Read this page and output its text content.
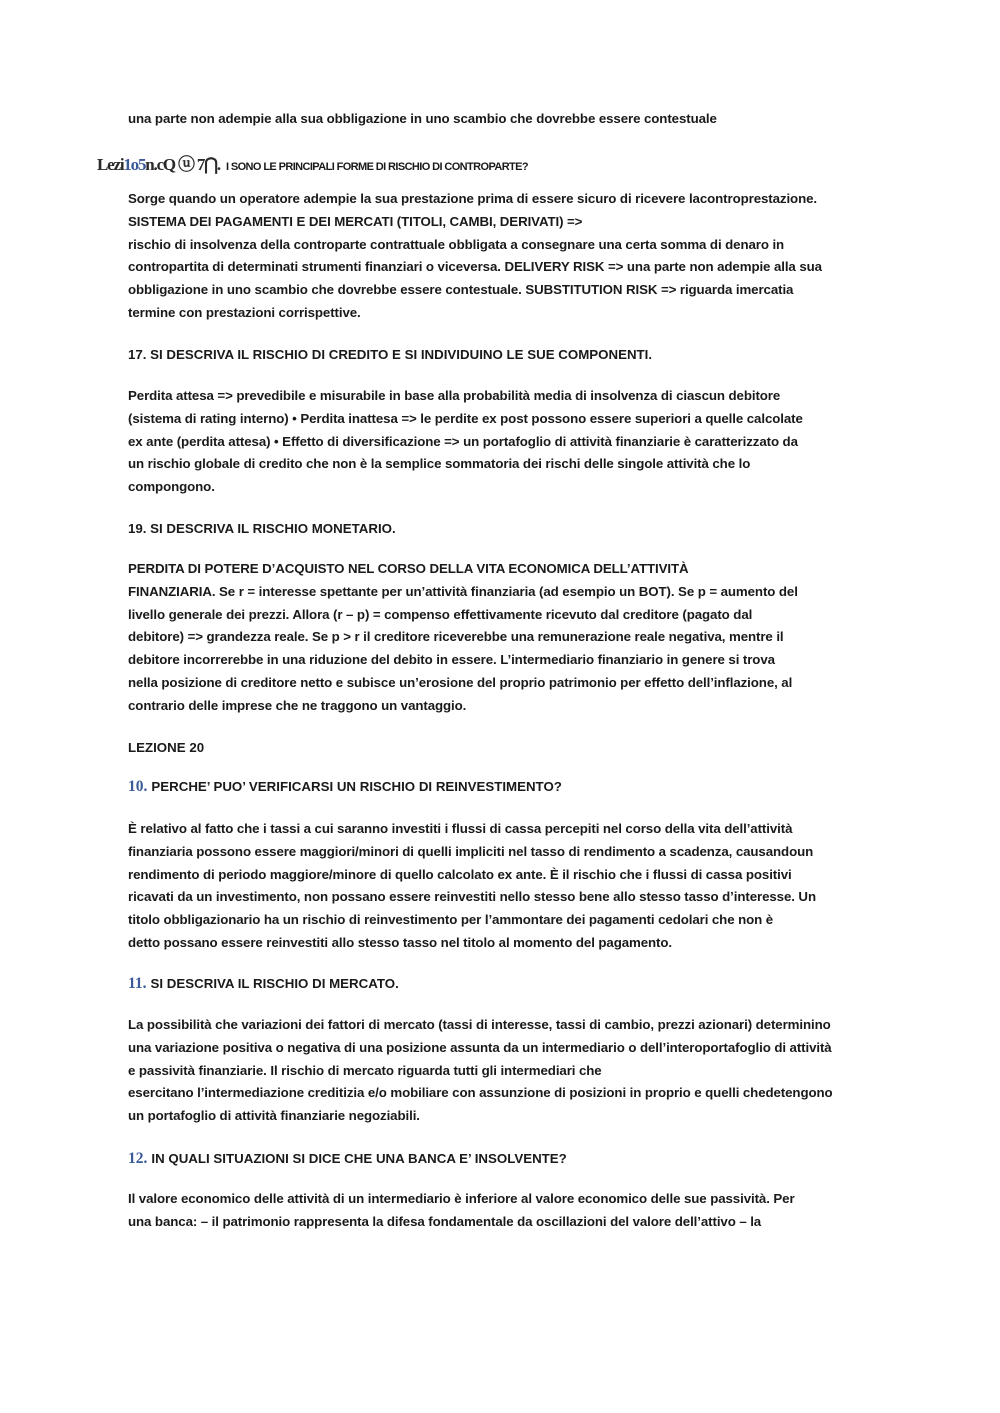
una parte non adempie alla sua obbligazione in uno scambio che dovrebbe essere contestuale

Lezi1o5n.cQ ⓤ 7⋂. I SONO LE PRINCIPALI FORME DI RISCHIO DI CONTROPARTE?

Sorge quando un operatore adempie la sua prestazione prima di essere sicuro di ricevere lacontroprestazione.
SISTEMA DEI PAGAMENTI E DEI MERCATI (TITOLI, CAMBI, DERIVATI) =>
rischio di insolvenza della controparte contrattuale obbligata a consegnare una certa somma di denaro in
contropartita di determinati strumenti finanziari o viceversa. DELIVERY RISK => una parte non adempie alla sua
obbligazione in uno scambio che dovrebbe essere contestuale. SUBSTITUTION RISK => riguarda imercatia
termine con prestazioni corrispettive.

17. SI DESCRIVA IL RISCHIO DI CREDITO E SI INDIVIDUINO LE SUE COMPONENTI.

Perdita attesa => prevedibile e misurabile in base alla probabilità media di insolvenza di ciascun debitore
(sistema di rating interno) • Perdita inattesa => le perdite ex post possono essere superiori a quelle calcolate
ex ante (perdita attesa) • Effetto di diversificazione => un portafoglio di attività finanziarie è caratterizzato da
un rischio globale di credito che non è la semplice sommatoria dei rischi delle singole attività che lo
compongono.

19. SI DESCRIVA IL RISCHIO MONETARIO.

PERDITA DI POTERE D’ACQUISTO NEL CORSO DELLA VITA ECONOMICA DELL’ATTIVITÀ
FINANZIARIA. Se r = interesse spettante per un’attività finanziaria (ad esempio un BOT). Se p = aumento del
livello generale dei prezzi. Allora (r – p) = compenso effettivamente ricevuto dal creditore (pagato dal
debitore) => grandezza reale. Se p > r il creditore riceverebbe una remunerazione reale negativa, mentre il
debitore incorrerebbe in una riduzione del debito in essere. L’intermediario finanziario in genere si trova
nella posizione di creditore netto e subisce un’erosione del proprio patrimonio per effetto dell’inflazione, al
contrario delle imprese che ne traggono un vantaggio.

LEZIONE 20
10. PERCHE’ PUO’ VERIFICARSI UN RISCHIO DI REINVESTIMENTO?

È relativo al fatto che i tassi a cui saranno investiti i flussi di cassa percepiti nel corso della vita dell’attività
finanziaria possono essere maggiori/minori di quelli impliciti nel tasso di rendimento a scadenza, causandoun
rendimento di periodo maggiore/minore di quello calcolato ex ante. È il rischio che i flussi di cassa positivi
ricavati da un investimento, non possano essere reinvestiti nello stesso bene allo stesso tasso d’interesse. Un
titolo obbligazionario ha un rischio di reinvestimento per l’ammontare dei pagamenti cedolari che non è
detto possano essere reinvestiti allo stesso tasso nel titolo al momento del pagamento.

11. SI DESCRIVA IL RISCHIO DI MERCATO.

La possibilità che variazioni dei fattori di mercato (tassi di interesse, tassi di cambio, prezzi azionari) determinino
una variazione positiva o negativa di una posizione assunta da un intermediario o dell’interoportafoglio di attività
e passività finanziarie. Il rischio di mercato riguarda tutti gli intermediari che
esercitano l’intermediazione creditizia e/o mobiliare con assunzione di posizioni in proprio e quelli chedetengono
un portafoglio di attività finanziarie negoziabili.

12. IN QUALI SITUAZIONI SI DICE CHE UNA BANCA E’ INSOLVENTE?

Il valore economico delle attività di un intermediario è inferiore al valore economico delle sue passività. Per
una banca: – il patrimonio rappresenta la difesa fondamentale da oscillazioni del valore dell’attivo – la
